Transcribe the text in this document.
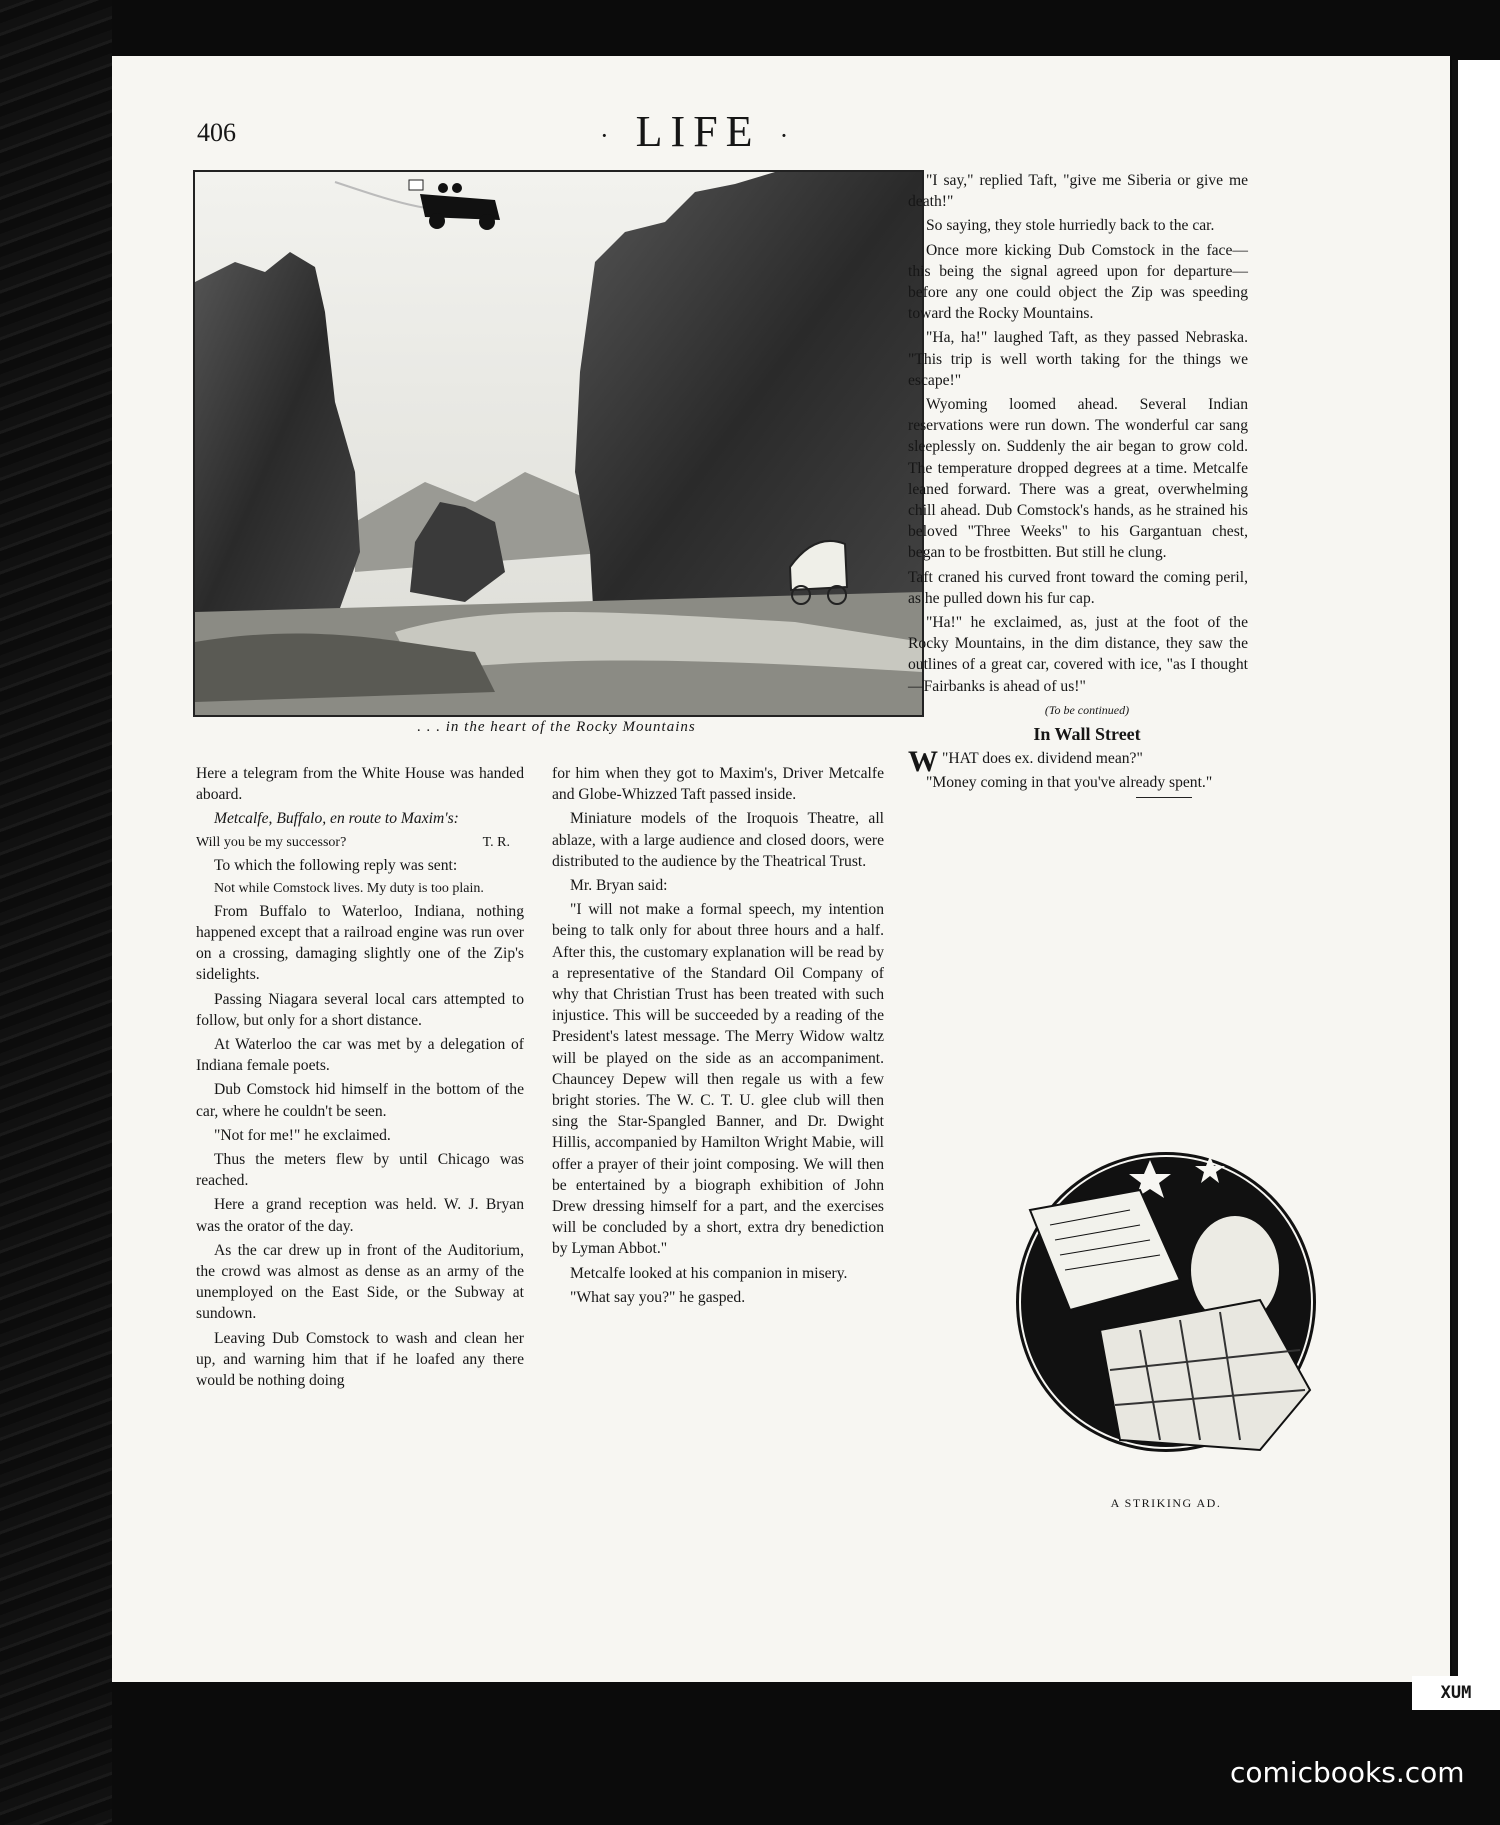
406	· LIFE ·
. . . in the heart of the Rocky Mountains

Here a telegram from the White House was handed aboard.

Metcalfe, Buffalo, en route to Maxim's:

Will you be my successor?	T. R.

To which the following reply was sent:

Not while Comstock lives. My duty is too plain.

From Buffalo to Waterloo, Indiana, nothing happened except that a railroad engine was run over on a crossing, damaging slightly one of the Zip's sidelights.

Passing Niagara several local cars attempted to follow, but only for a short distance.

At Waterloo the car was met by a delegation of Indiana female poets.

Dub Comstock hid himself in the bottom of the car, where he couldn't be seen.

"Not for me!" he exclaimed.

Thus the meters flew by until Chicago was reached.

Here a grand reception was held. W. J. Bryan was the orator of the day.

As the car drew up in front of the Auditorium, the crowd was almost as dense as an army of the unemployed on the East Side, or the Subway at sundown.

Leaving Dub Comstock to wash and clean her up, and warning him that if he loafed any there would be nothing doing

for him when they got to Maxim's, Driver Metcalfe and Globe-Whizzed Taft passed inside.

Miniature models of the Iroquois Theatre, all ablaze, with a large audience and closed doors, were distributed to the audience by the Theatrical Trust.

Mr. Bryan said:

"I will not make a formal speech, my intention being to talk only for about three hours and a half. After this, the customary explanation will be read by a representative of the Standard Oil Company of why that Christian Trust has been treated with such injustice. This will be succeeded by a reading of the President's latest message. The Merry Widow waltz will be played on the side as an accompaniment. Chauncey Depew will then regale us with a few bright stories. The W. C. T. U. glee club will then sing the Star-Spangled Banner, and Dr. Dwight Hillis, accompanied by Hamilton Wright Mabie, will offer a prayer of their joint composing. We will then be entertained by a biograph exhibition of John Drew dressing himself for a part, and the exercises will be concluded by a short, extra dry benediction by Lyman Abbot."

Metcalfe looked at his companion in misery.

"What say you?" he gasped.

"I say," replied Taft, "give me Siberia or give me death!"

So saying, they stole hurriedly back to the car.

Once more kicking Dub Comstock in the face—this being the signal agreed upon for departure—before any one could object the Zip was speeding toward the Rocky Mountains.

"Ha, ha!" laughed Taft, as they passed Nebraska. "This trip is well worth taking for the things we escape!"

Wyoming loomed ahead. Several Indian reservations were run down. The wonderful car sang sleeplessly on. Suddenly the air began to grow cold. The temperature dropped degrees at a time. Metcalfe leaned forward. There was a great, overwhelming chill ahead. Dub Comstock's hands, as he strained his beloved "Three Weeks" to his Gargantuan chest, began to be frostbitten. But still he clung.

Taft craned his curved front toward the coming peril, as he pulled down his fur cap.

"Ha!" he exclaimed, as, just at the foot of the Rocky Mountains, in the dim distance, they saw the outlines of a great car, covered with ice, "as I thought—Fairbanks is ahead of us!"

(To be continued)

In Wall Street

"
W HAT does ex. dividend mean?"

"Money coming in that you've already spent."

A STRIKING AD.
XUM
comicbooks.com
